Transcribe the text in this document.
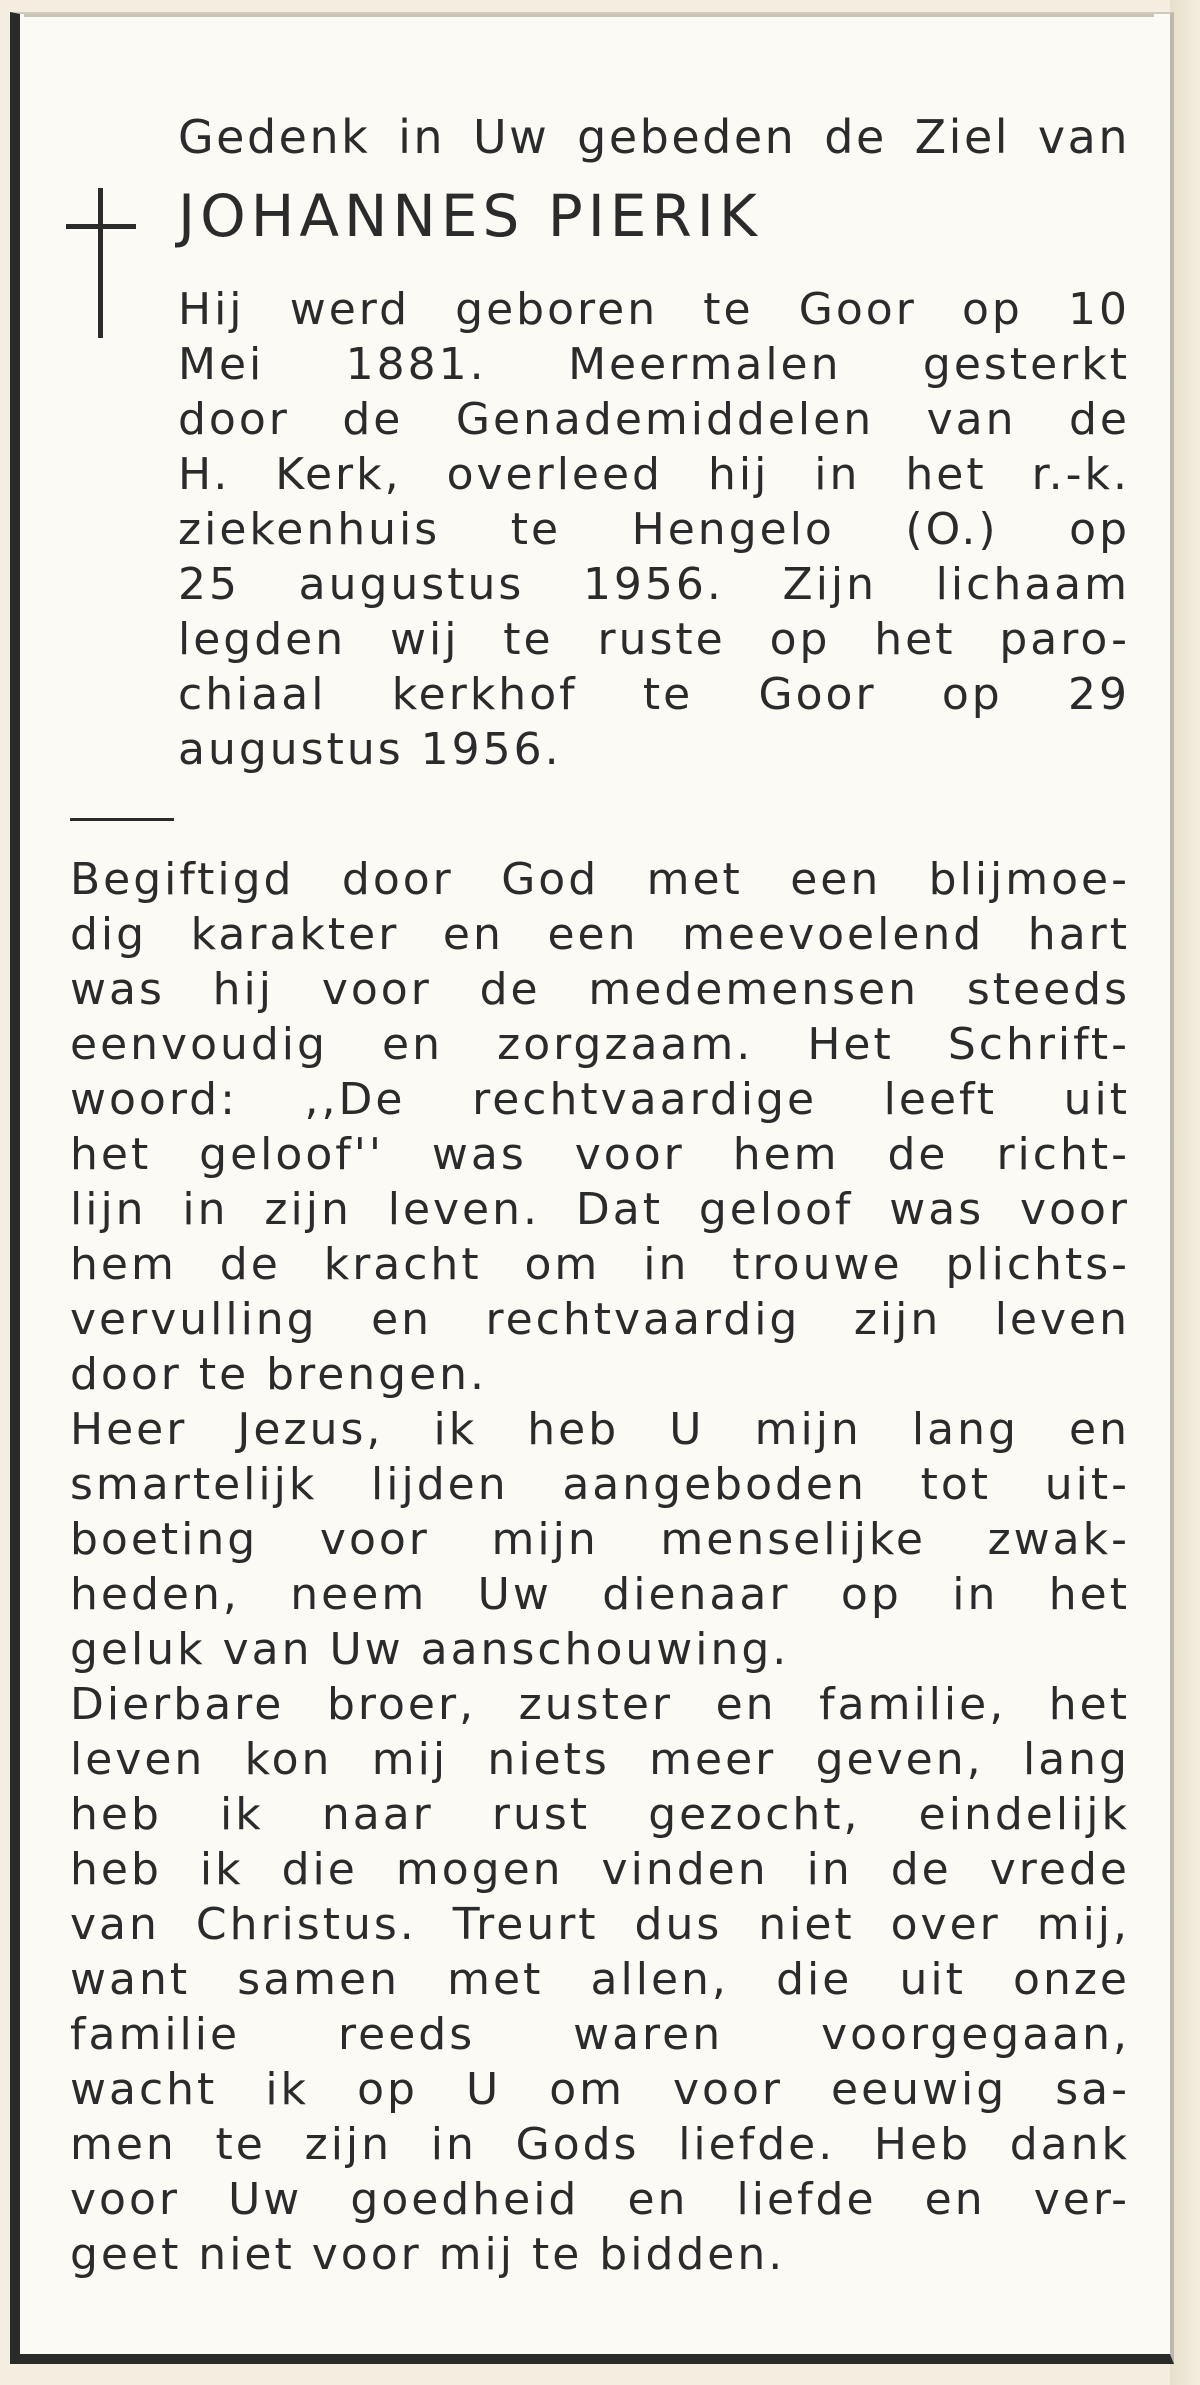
Gedenk in Uw gebeden de Ziel van
JOHANNES PIERIK
Hij werd geboren te Goor op 10
Mei 1881. Meermalen gesterkt
door de Genademiddelen van de
H. Kerk, overleed hij in het r.-k.
ziekenhuis te Hengelo (O.) op
25 augustus 1956. Zijn lichaam
legden wij te ruste op het paro-
chiaal kerkhof te Goor op 29
augustus 1956.
Begiftigd door God met een blijmoe-
dig karakter en een meevoelend hart
was hij voor de medemensen steeds
eenvoudig en zorgzaam. Het Schrift-
woord: ,,De rechtvaardige leeft uit
het geloof'' was voor hem de richt-
lijn in zijn leven. Dat geloof was voor
hem de kracht om in trouwe plichts-
vervulling en rechtvaardig zijn leven
door te brengen.
Heer Jezus, ik heb U mijn lang en
smartelijk lijden aangeboden tot uit-
boeting voor mijn menselijke zwak-
heden, neem Uw dienaar op in het
geluk van Uw aanschouwing.
Dierbare broer, zuster en familie, het
leven kon mij niets meer geven, lang
heb ik naar rust gezocht, eindelijk
heb ik die mogen vinden in de vrede
van Christus. Treurt dus niet over mij,
want samen met allen, die uit onze
familie reeds waren voorgegaan,
wacht ik op U om voor eeuwig sa-
men te zijn in Gods liefde. Heb dank
voor Uw goedheid en liefde en ver-
geet niet voor mij te bidden.
